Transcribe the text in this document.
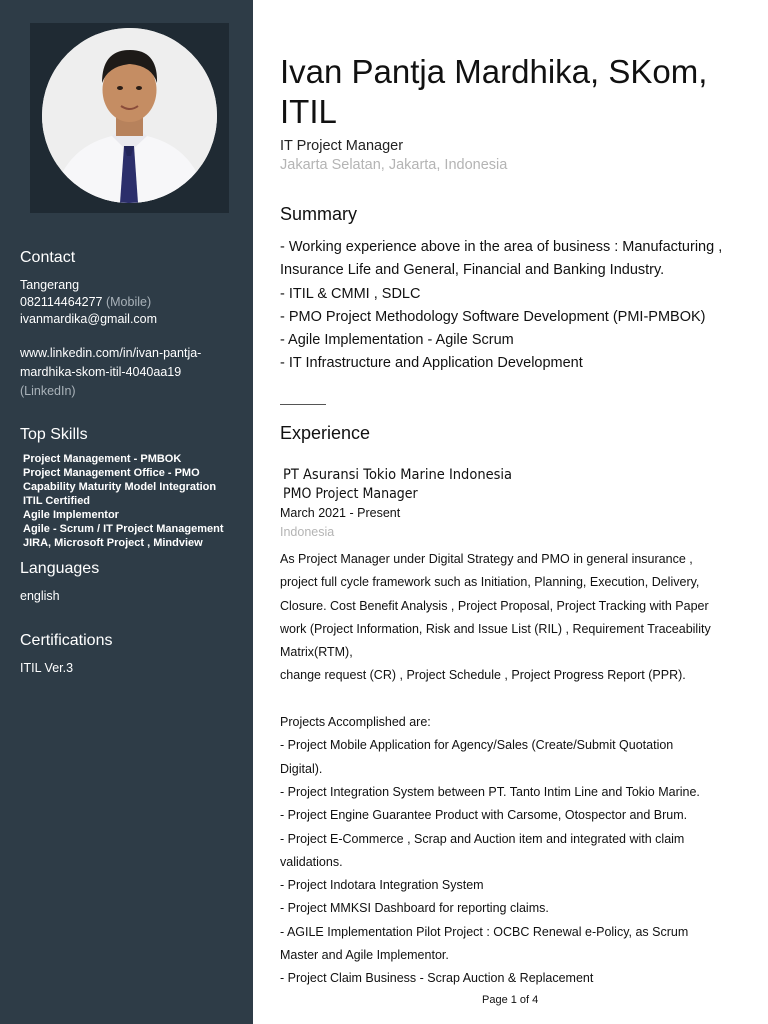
Contact
Tangerang
082114464277 (Mobile)
ivanmardika@gmail.com
www.linkedin.com/in/ivan-pantja-
mardhika-skom-itil-4040aa19
(LinkedIn)
Top Skills
Project Management - PMBOK
Project Management Office - PMO
Capability Maturity Model Integration
ITIL Certified
Agile Implementor
Agile - Scrum / IT Project Management
JIRA, Microsoft Project , Mindview
Languages
english
Certifications
ITIL Ver.3
Ivan Pantja Mardhika, SKom,
ITIL
IT Project Manager
Jakarta Selatan, Jakarta, Indonesia
Summary
- Working experience above in the area of business : Manufacturing ,
Insurance Life and General, Financial and Banking Industry.
- ITIL & CMMI , SDLC
- PMO Project Methodology Software Development (PMI-PMBOK)
- Agile Implementation - Agile Scrum
- IT Infrastructure and Application Development
Experience
PT Asuransi Tokio Marine Indonesia
PMO Project Manager
March 2021 - Present
Indonesia
As Project Manager under Digital Strategy and PMO in general insurance ,
project full cycle framework such as Initiation, Planning, Execution, Delivery,
Closure. Cost Benefit Analysis , Project Proposal, Project Tracking with Paper
work (Project Information, Risk and Issue List (RIL) , Requirement Traceability
Matrix(RTM),
change request (CR) , Project Schedule , Project Progress Report (PPR).
Projects Accomplished are:
- Project Mobile Application for Agency/Sales (Create/Submit Quotation
Digital).
- Project Integration System between PT. Tanto Intim Line and Tokio Marine.
- Project Engine Guarantee Product with Carsome, Otospector and Brum.
- Project E-Commerce , Scrap and Auction item and integrated with claim
validations.
- Project Indotara Integration System
- Project MMKSI Dashboard for reporting claims.
- AGILE Implementation Pilot Project : OCBC Renewal e-Policy, as Scrum
Master and Agile Implementor.
- Project Claim Business - Scrap Auction & Replacement
Page 1 of 4
